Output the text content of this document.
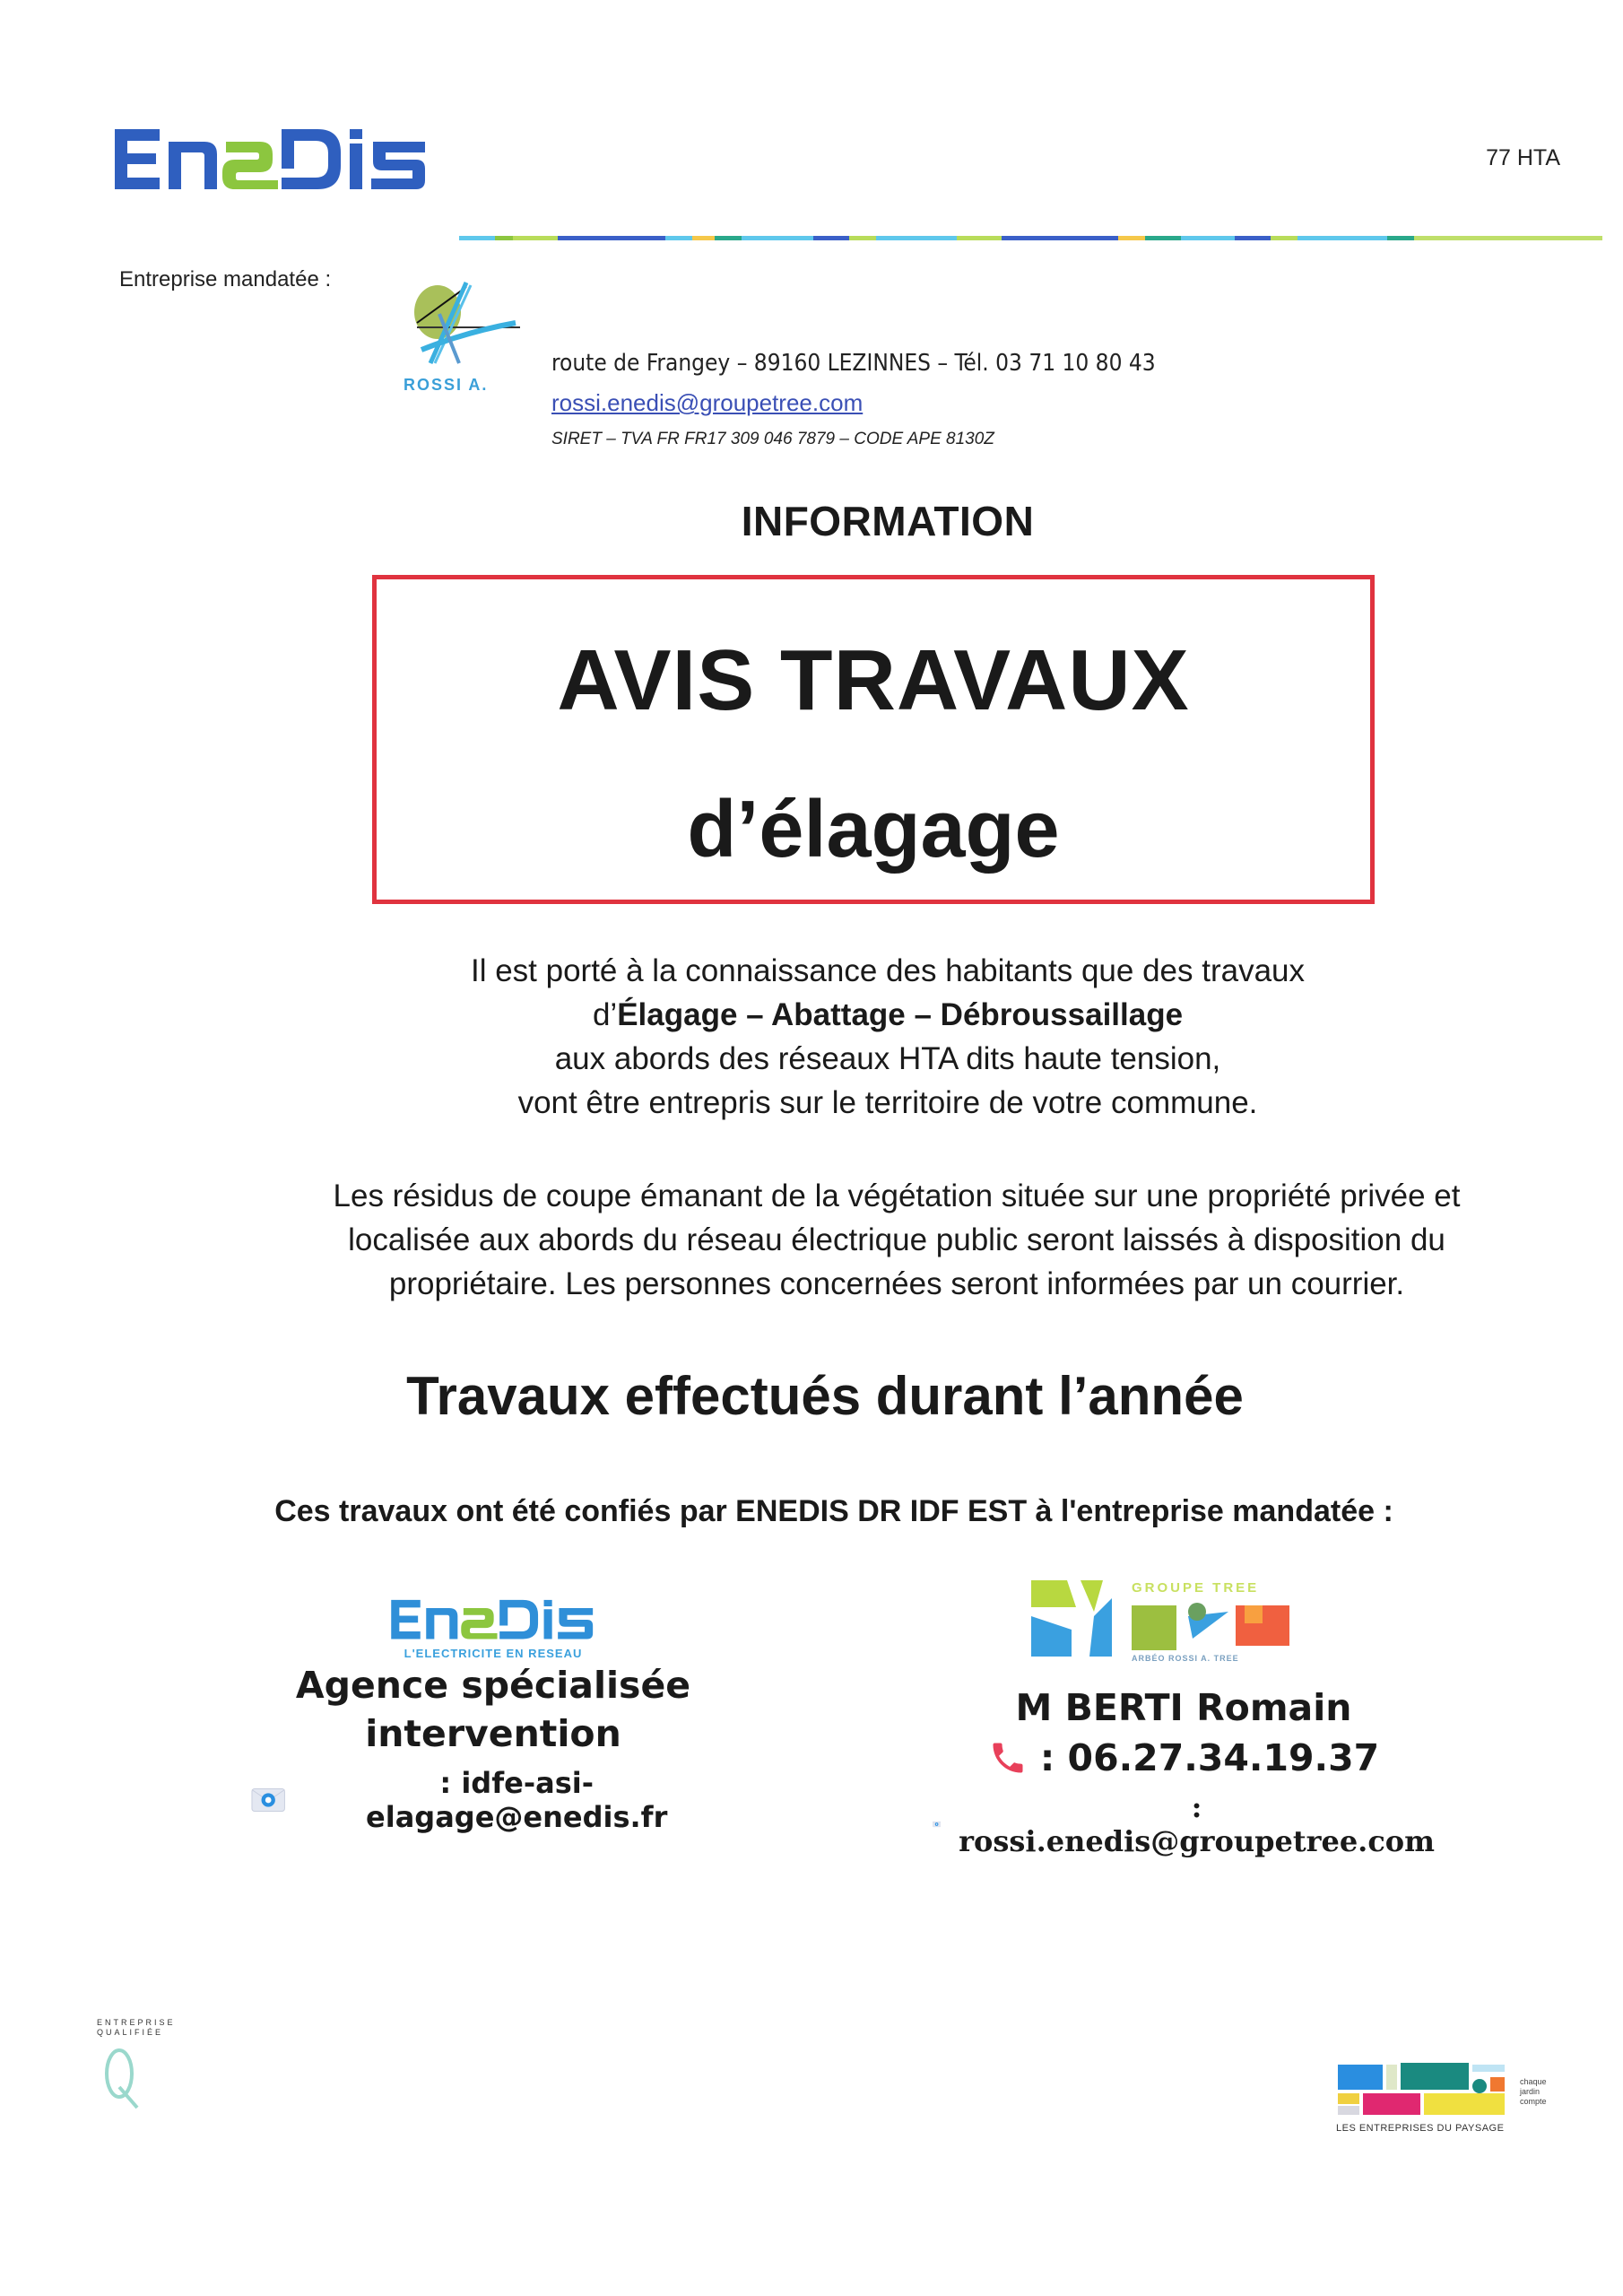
77 HTA
Entreprise mandatée :
ROSSI A.
route de Frangey – 89160 LEZINNES – Tél. 03 71 10 80 43
rossi.enedis@groupetree.com
SIRET – TVA FR FR17 309 046 7879 – CODE APE 8130Z
INFORMATION
AVIS TRAVAUX
d’élagage
Il est porté à la connaissance des habitants que des travaux
d’Élagage – Abattage – Débroussaillage
aux abords des réseaux HTA dits haute tension,
vont être entrepris sur le territoire de votre commune.
Les résidus de coupe émanant de la végétation située sur une propriété privée et
localisée aux abords du réseau électrique public seront laissés à disposition du
propriétaire. Les personnes concernées seront informées par un courrier.
Travaux effectués durant l’année
Ces travaux ont été confiés par ENEDIS DR IDF EST à l'entreprise mandatée :
L'ELECTRICITE EN RESEAU
Agence spécialisée
intervention
: idfe-asi-elagage@enedis.fr
GROUPE TREE
ARBÉO ROSSI A. TREE
M BERTI Romain
: 06.27.34.19.37
: rossi.enedis@groupetree.com
ENTREPRISE QUALIFIÉE
chaque jardin compte
LES ENTREPRISES DU PAYSAGE
